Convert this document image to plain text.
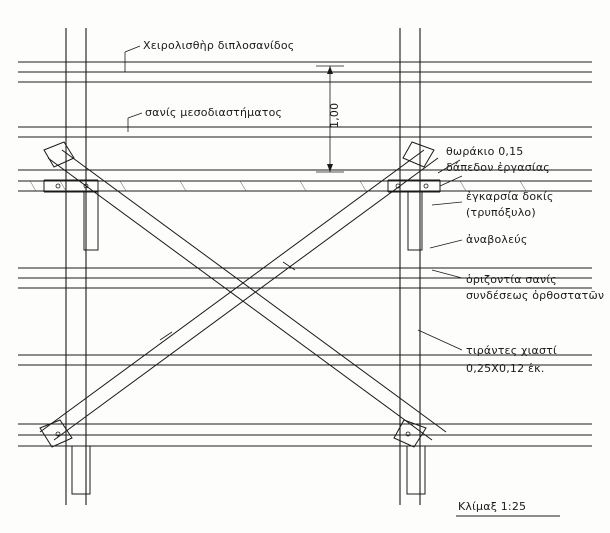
Χειρολισθὴρ διπλοσανίδος
σανίς μεσοδιαστήματος	1,00
θωράκιο 0,15
δάπεδον ἐργασίας
ἐγκαρσία δοκίς
(τρυπόξυλο)
ἀναβολεύς
ὁριζοντία σανίς
συνδέσεως ὀρθοστατῶν
τιράντες χιαστί
0,25Χ0,12 ἑκ.
Κλίμαξ 1:25
